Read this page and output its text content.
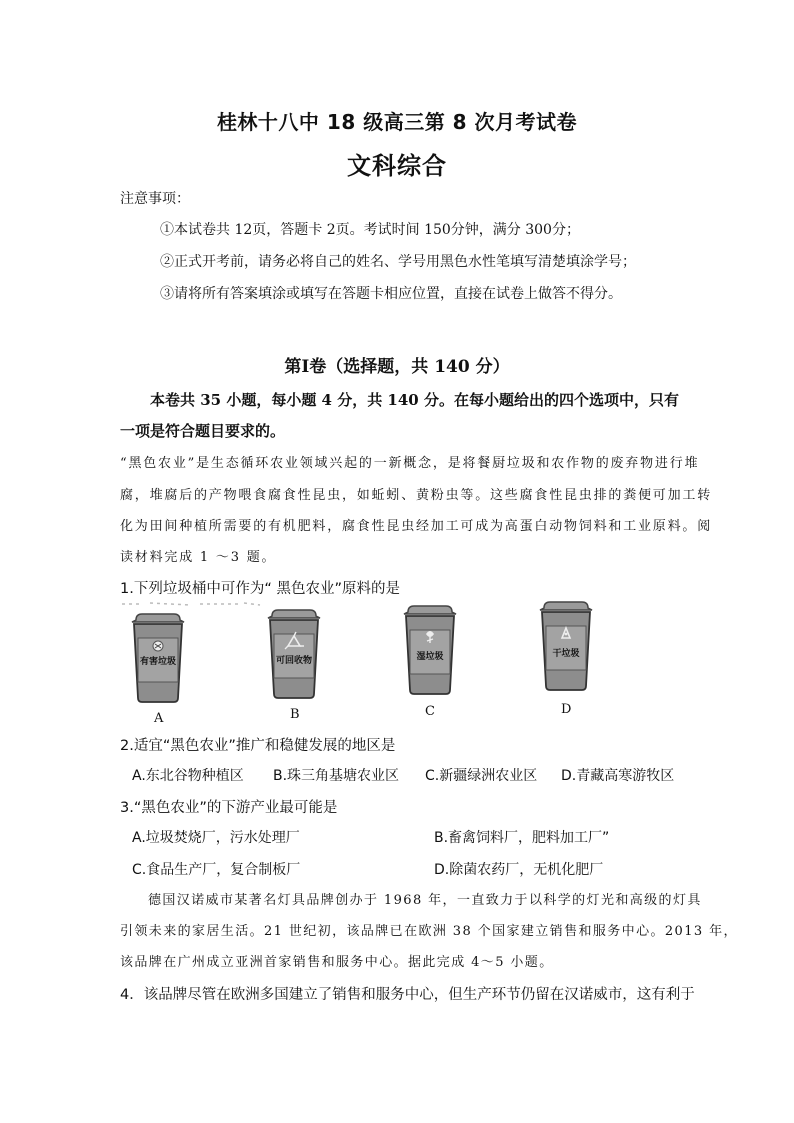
桂林十八中 18 级高三第 8 次月考试卷
文科综合
注意事项：
①本试卷共 12页，答题卡 2页。考试时间 150分钟，满分 300分；
②正式开考前，请务必将自己的姓名、学号用黑色水性笔填写清楚填涂学号；
③请将所有答案填涂或填写在答题卡相应位置，直接在试卷上做答不得分。
第Ⅰ卷（选择题，共 140 分）
本卷共 35 小题，每小题 4 分，共 140 分。在每小题给出的四个选项中，只有
一项是符合题目要求的。
“黑色农业”是生态循环农业领域兴起的一新概念，是将餐厨垃圾和农作物的废弃物进行堆
腐，堆腐后的产物喂食腐食性昆虫，如蚯蚓、黄粉虫等。这些腐食性昆虫排的粪便可加工转
化为田间种植所需要的有机肥料，腐食性昆虫经加工可成为高蛋白动物饲料和工业原料。阅
读材料完成 1 ～3 题。
1.下列垃圾桶中可作为“ 黑色农业”原料的是
有害垃圾
A
可回收物
B
湿垃圾
C
干垃圾
D
2.适宜“黑色农业”推广和稳健发展的地区是
A.东北谷物种植区 B.珠三角基塘农业区 C.新疆绿洲农业区 D.青藏高寒游牧区
3.“黑色农业”的下游产业最可能是
A.垃圾焚烧厂，污水处理厂	B.畜禽饲料厂，肥料加工厂”
C.食品生产厂，复合制板厂	D.除菌农药厂，无机化肥厂
德国汉诺威市某著名灯具品牌创办于 1968 年，一直致力于以科学的灯光和高级的灯具
引领未来的家居生活。21 世纪初，该品牌已在欧洲 38 个国家建立销售和服务中心。2013 年，
该品牌在广州成立亚洲首家销售和服务中心。据此完成 4～5 小题。
4．该品牌尽管在欧洲多国建立了销售和服务中心，但生产环节仍留在汉诺威市，这有利于
